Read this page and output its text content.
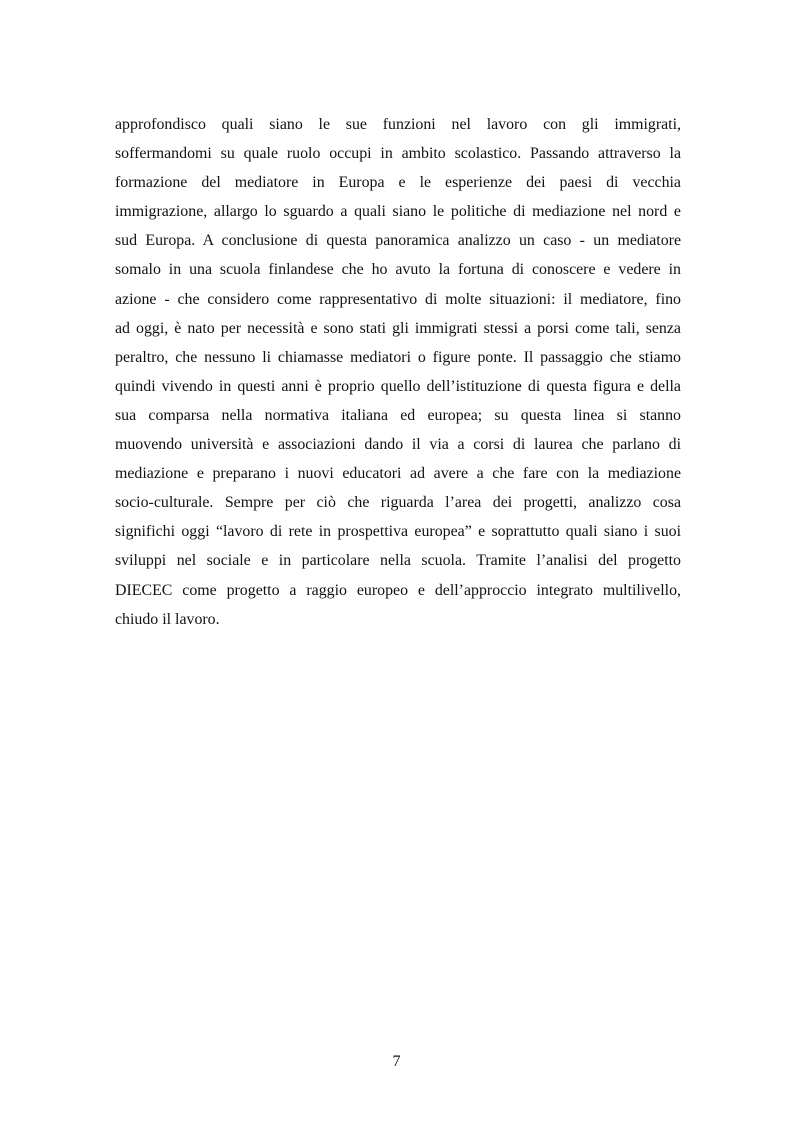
approfondisco quali siano le sue funzioni nel lavoro con gli immigrati,
soffermandomi su quale ruolo occupi in ambito scolastico. Passando attraverso la
formazione del mediatore in Europa e le esperienze dei paesi di vecchia
immigrazione, allargo lo sguardo a quali siano le politiche di mediazione nel nord e
sud Europa. A conclusione di questa panoramica analizzo un caso - un mediatore
somalo in una scuola finlandese che ho avuto la fortuna di conoscere e vedere in
azione - che considero come rappresentativo di molte situazioni: il mediatore, fino
ad oggi, è nato per necessità e sono stati gli immigrati stessi a porsi come tali, senza
peraltro, che nessuno li chiamasse mediatori o figure ponte. Il passaggio che stiamo
quindi vivendo in questi anni è proprio quello dell’istituzione di questa figura e della
sua comparsa nella normativa italiana ed europea; su questa linea si stanno
muovendo università e associazioni dando il via a corsi di laurea che parlano di
mediazione e preparano i nuovi educatori ad avere a che fare con la mediazione
socio-culturale. Sempre per ciò che riguarda l’area dei progetti, analizzo cosa
significhi oggi “lavoro di rete in prospettiva europea” e soprattutto quali siano i suoi
sviluppi nel sociale e in particolare nella scuola. Tramite l’analisi del progetto
DIECEC come progetto a raggio europeo e dell’approccio integrato multilivello,
chiudo il lavoro.
7
